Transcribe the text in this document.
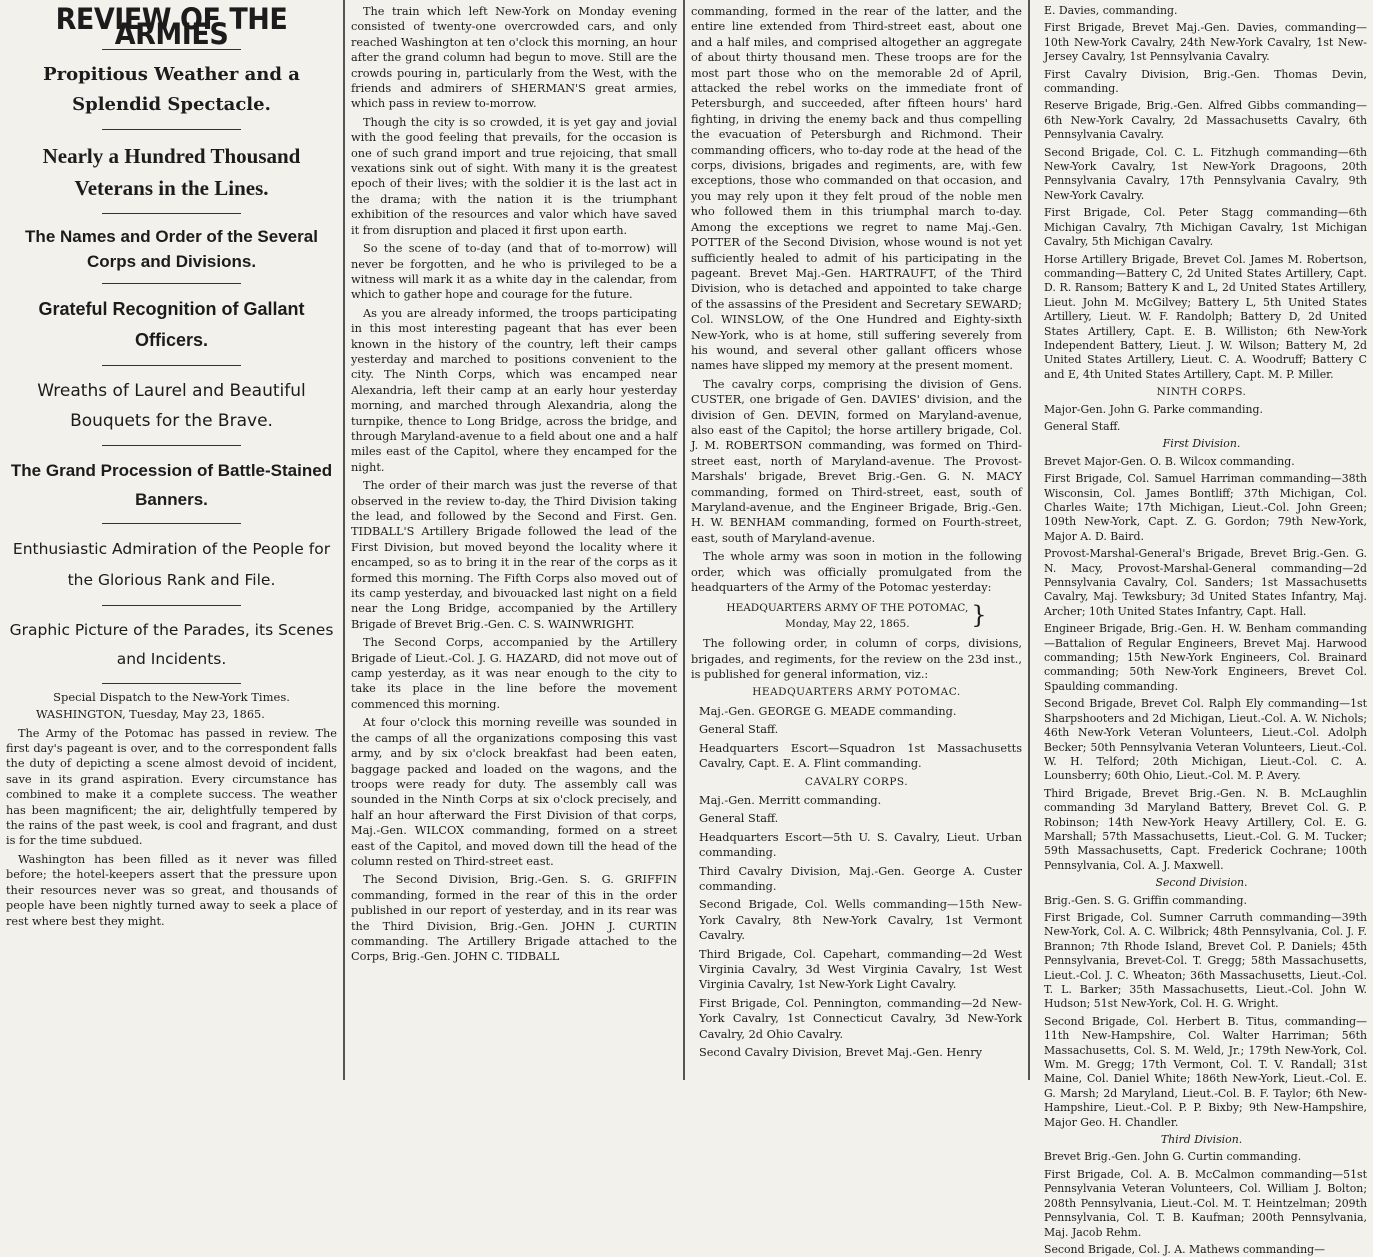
REVIEW OF THE ARMIES
Propitious Weather and a Splendid Spectacle.
Nearly a Hundred Thousand Veterans in the Lines.
The Names and Order of the Several Corps and Divisions.
Grateful Recognition of Gallant Officers.
Wreaths of Laurel and Beautiful Bouquets for the Brave.
The Grand Procession of Battle-Stained Banners.
Enthusiastic Admiration of the People for the Glorious Rank and File.
Graphic Picture of the Parades, its Scenes and Incidents.
Special Dispatch to the New-York Times.

WASHINGTON, Tuesday, May 23, 1865.

The Army of the Potomac has passed in review. The first day's pageant is over, and to the correspondent falls the duty of depicting a scene almost devoid of incident, save in its grand aspiration. Every circumstance has combined to make it a complete success. The weather has been magnificent; the air, delightfully tempered by the rains of the past week, is cool and fragrant, and dust is for the time subdued.

Washington has been filled as it never was filled before; the hotel-keepers assert that the pressure upon their resources never was so great, and thousands of people have been nightly turned away to seek a place of rest where best they might.

The train which left New-York on Monday evening consisted of twenty-one overcrowded cars, and only reached Washington at ten o'clock this morning, an hour after the grand column had begun to move. Still are the crowds pouring in, particularly from the West, with the friends and admirers of SHERMAN'S great armies, which pass in review to-morrow.

Though the city is so crowded, it is yet gay and jovial with the good feeling that prevails, for the occasion is one of such grand import and true rejoicing, that small vexations sink out of sight. With many it is the greatest epoch of their lives; with the soldier it is the last act in the drama; with the nation it is the triumphant exhibition of the resources and valor which have saved it from disruption and placed it first upon earth.

So the scene of to-day (and that of to-morrow) will never be forgotten, and he who is privileged to be a witness will mark it as a white day in the calendar, from which to gather hope and courage for the future.

As you are already informed, the troops participating in this most interesting pageant that has ever been known in the history of the country, left their camps yesterday and marched to positions convenient to the city. The Ninth Corps, which was encamped near Alexandria, left their camp at an early hour yesterday morning, and marched through Alexandria, along the turnpike, thence to Long Bridge, across the bridge, and through Maryland-avenue to a field about one and a half miles east of the Capitol, where they encamped for the night.

The order of their march was just the reverse of that observed in the review to-day, the Third Division taking the lead, and followed by the Second and First. Gen. TIDBALL'S Artillery Brigade followed the lead of the First Division, but moved beyond the locality where it encamped, so as to bring it in the rear of the corps as it formed this morning. The Fifth Corps also moved out of its camp yesterday, and bivouacked last night on a field near the Long Bridge, accompanied by the Artillery Brigade of Brevet Brig.-Gen. C. S. WAINWRIGHT.

The Second Corps, accompanied by the Artillery Brigade of Lieut.-Col. J. G. HAZARD, did not move out of camp yesterday, as it was near enough to the city to take its place in the line before the movement commenced this morning.

At four o'clock this morning reveille was sounded in the camps of all the organizations composing this vast army, and by six o'clock breakfast had been eaten, baggage packed and loaded on the wagons, and the troops were ready for duty. The assembly call was sounded in the Ninth Corps at six o'clock precisely, and half an hour afterward the First Division of that corps, Maj.-Gen. WILCOX commanding, formed on a street east of the Capitol, and moved down till the head of the column rested on Third-street east.

The Second Division, Brig.-Gen. S. G. GRIFFIN commanding, formed in the rear of this in the order published in our report of yesterday, and in its rear was the Third Division, Brig.-Gen. JOHN J. CURTIN commanding. The Artillery Brigade attached to the Corps, Brig.-Gen. JOHN C. TIDBALL

commanding, formed in the rear of the latter, and the entire line extended from Third-street east, about one and a half miles, and comprised altogether an aggregate of about thirty thousand men. These troops are for the most part those who on the memorable 2d of April, attacked the rebel works on the immediate front of Petersburgh, and succeeded, after fifteen hours' hard fighting, in driving the enemy back and thus compelling the evacuation of Petersburgh and Richmond. Their commanding officers, who to-day rode at the head of the corps, divisions, brigades and regiments, are, with few exceptions, those who commanded on that occasion, and you may rely upon it they felt proud of the noble men who followed them in this triumphal march to-day. Among the exceptions we regret to name Maj.-Gen. POTTER of the Second Division, whose wound is not yet sufficiently healed to admit of his participating in the pageant. Brevet Maj.-Gen. HARTRAUFT, of the Third Division, who is detached and appointed to take charge of the assassins of the President and Secretary SEWARD; Col. WINSLOW, of the One Hundred and Eighty-sixth New-York, who is at home, still suffering severely from his wound, and several other gallant officers whose names have slipped my memory at the present moment.

The cavalry corps, comprising the division of Gens. CUSTER, one brigade of Gen. DAVIES' division, and the division of Gen. DEVIN, formed on Maryland-avenue, also east of the Capitol; the horse artillery brigade, Col. J. M. ROBERTSON commanding, was formed on Third-street east, north of Maryland-avenue. The Provost-Marshals' brigade, Brevet Brig.-Gen. G. N. MACY commanding, formed on Third-street, east, south of Maryland-avenue, and the Engineer Brigade, Brig.-Gen. H. W. BENHAM commanding, formed on Fourth-street, east, south of Maryland-avenue.

The whole army was soon in motion in the following order, which was officially promulgated from the headquarters of the Army of the Potomac yesterday:

HEADQUARTERS ARMY OF THE POTOMAC,
Monday, May 22, 1865.	}

The following order, in column of corps, divisions, brigades, and regiments, for the review on the 23d inst., is published for general information, viz.:

HEADQUARTERS ARMY POTOMAC.

Maj.-Gen. GEORGE G. MEADE commanding.

General Staff.

Headquarters Escort—Squadron 1st Massachusetts Cavalry, Capt. E. A. Flint commanding.

CAVALRY CORPS.

Maj.-Gen. Merritt commanding.

General Staff.

Headquarters Escort—5th U. S. Cavalry, Lieut. Urban commanding.

Third Cavalry Division, Maj.-Gen. George A. Custer commanding.

Second Brigade, Col. Wells commanding—15th New-York Cavalry, 8th New-York Cavalry, 1st Vermont Cavalry.

Third Brigade, Col. Capehart, commanding—2d West Virginia Cavalry, 3d West Virginia Cavalry, 1st West Virginia Cavalry, 1st New-York Light Cavalry.

First Brigade, Col. Pennington, commanding—2d New-York Cavalry, 1st Connecticut Cavalry, 3d New-York Cavalry, 2d Ohio Cavalry.

Second Cavalry Division, Brevet Maj.-Gen. Henry

E. Davies, commanding.

First Brigade, Brevet Maj.-Gen. Davies, commanding—10th New-York Cavalry, 24th New-York Cavalry, 1st New-Jersey Cavalry, 1st Pennsylvania Cavalry.

First Cavalry Division, Brig.-Gen. Thomas Devin, commanding.

Reserve Brigade, Brig.-Gen. Alfred Gibbs commanding—6th New-York Cavalry, 2d Massachusetts Cavalry, 6th Pennsylvania Cavalry.

Second Brigade, Col. C. L. Fitzhugh commanding—6th New-York Cavalry, 1st New-York Dragoons, 20th Pennsylvania Cavalry, 17th Pennsylvania Cavalry, 9th New-York Cavalry.

First Brigade, Col. Peter Stagg commanding—6th Michigan Cavalry, 7th Michigan Cavalry, 1st Michigan Cavalry, 5th Michigan Cavalry.

Horse Artillery Brigade, Brevet Col. James M. Robertson, commanding—Battery C, 2d United States Artillery, Capt. D. R. Ransom; Battery K and L, 2d United States Artillery, Lieut. John M. McGilvey; Battery L, 5th United States Artillery, Lieut. W. F. Randolph; Battery D, 2d United States Artillery, Capt. E. B. Williston; 6th New-York Independent Battery, Lieut. J. W. Wilson; Battery M, 2d United States Artillery, Lieut. C. A. Woodruff; Battery C and E, 4th United States Artillery, Capt. M. P. Miller.

NINTH CORPS.

Major-Gen. John G. Parke commanding.

General Staff.

First Division.

Brevet Major-Gen. O. B. Wilcox commanding.

First Brigade, Col. Samuel Harriman commanding—38th Wisconsin, Col. James Bontliff; 37th Michigan, Col. Charles Waite; 17th Michigan, Lieut.-Col. John Green; 109th New-York, Capt. Z. G. Gordon; 79th New-York, Major A. D. Baird.

Provost-Marshal-General's Brigade, Brevet Brig.-Gen. G. N. Macy, Provost-Marshal-General commanding—2d Pennsylvania Cavalry, Col. Sanders; 1st Massachusetts Cavalry, Maj. Tewksbury; 3d United States Infantry, Maj. Archer; 10th United States Infantry, Capt. Hall.

Engineer Brigade, Brig.-Gen. H. W. Benham commanding—Battalion of Regular Engineers, Brevet Maj. Harwood commanding; 15th New-York Engineers, Col. Brainard commanding; 50th New-York Engineers, Brevet Col. Spaulding commanding.

Second Brigade, Brevet Col. Ralph Ely commanding—1st Sharpshooters and 2d Michigan, Lieut.-Col. A. W. Nichols; 46th New-York Veteran Volunteers, Lieut.-Col. Adolph Becker; 50th Pennsylvania Veteran Volunteers, Lieut.-Col. W. H. Telford; 20th Michigan, Lieut.-Col. C. A. Lounsberry; 60th Ohio, Lieut.-Col. M. P. Avery.

Third Brigade, Brevet Brig.-Gen. N. B. McLaughlin commanding 3d Maryland Battery, Brevet Col. G. P. Robinson; 14th New-York Heavy Artillery, Col. E. G. Marshall; 57th Massachusetts, Lieut.-Col. G. M. Tucker; 59th Massachusetts, Capt. Frederick Cochrane; 100th Pennsylvania, Col. A. J. Maxwell.

Second Division.

Brig.-Gen. S. G. Griffin commanding.

First Brigade, Col. Sumner Carruth commanding—39th New-York, Col. A. C. Wilbrick; 48th Pennsylvania, Col. J. F. Brannon; 7th Rhode Island, Brevet Col. P. Daniels; 45th Pennsylvania, Brevet-Col. T. Gregg; 58th Massachusetts, Lieut.-Col. J. C. Wheaton; 36th Massachusetts, Lieut.-Col. T. L. Barker; 35th Massachusetts, Lieut.-Col. John W. Hudson; 51st New-York, Col. H. G. Wright.

Second Brigade, Col. Herbert B. Titus, commanding—11th New-Hampshire, Col. Walter Harriman; 56th Massachusetts, Col. S. M. Weld, Jr.; 179th New-York, Col. Wm. M. Gregg; 17th Vermont, Col. T. V. Randall; 31st Maine, Col. Daniel White; 186th New-York, Lieut.-Col. E. G. Marsh; 2d Maryland, Lieut.-Col. B. F. Taylor; 6th New-Hampshire, Lieut.-Col. P. P. Bixby; 9th New-Hampshire, Major Geo. H. Chandler.

Third Division.

Brevet Brig.-Gen. John G. Curtin commanding.

First Brigade, Col. A. B. McCalmon commanding—51st Pennsylvania Veteran Volunteers, Col. William J. Bolton; 208th Pennsylvania, Lieut.-Col. M. T. Heintzelman; 209th Pennsylvania, Col. T. B. Kaufman; 200th Pennsylvania, Maj. Jacob Rehm.

Second Brigade, Col. J. A. Mathews commanding—
